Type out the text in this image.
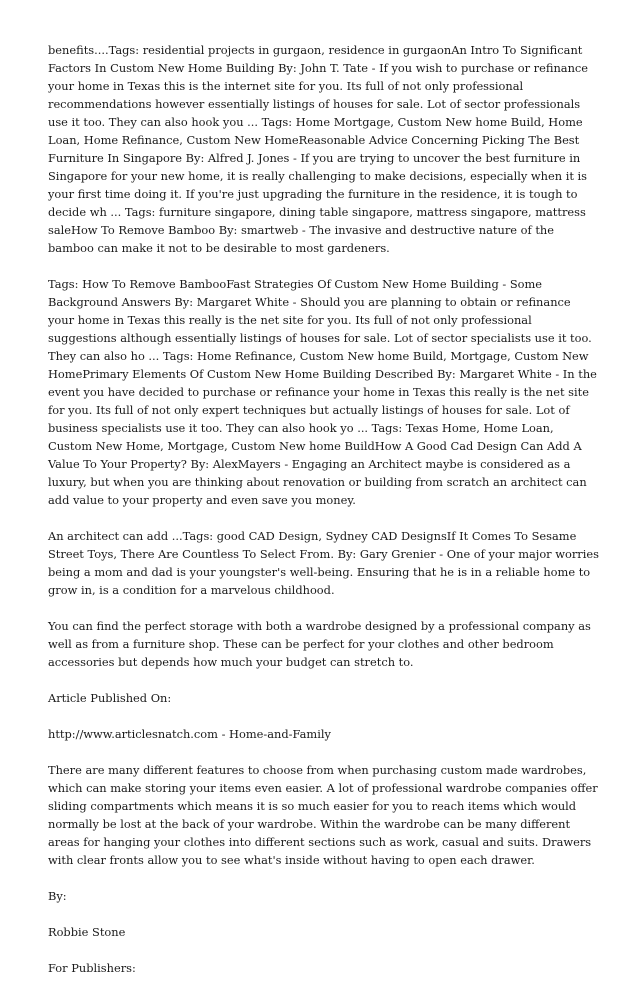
benefits....Tags: residential projects in gurgaon, residence in gurgaonAn Intro To Significant Factors In Custom New Home Building By: John T. Tate - If you wish to purchase or refinance your home in Texas this is the internet site for you. Its full of not only professional recommendations however essentially listings of houses for sale. Lot of sector professionals use it too. They can also hook you ... Tags: Home Mortgage, Custom New home Build, Home Loan, Home Refinance, Custom New HomeReasonable Advice Concerning Picking The Best Furniture In Singapore By: Alfred J. Jones - If you are trying to uncover the best furniture in Singapore for your new home, it is really challenging to make decisions, especially when it is your first time doing it. If you're just upgrading the furniture in the residence, it is tough to decide wh ... Tags: furniture singapore, dining table singapore, mattress singapore, mattress saleHow To Remove Bamboo By: smartweb - The invasive and destructive nature of the bamboo can make it not to be desirable to most gardeners.

Tags: How To Remove BambooFast Strategies Of Custom New Home Building - Some Background Answers By: Margaret White - Should you are planning to obtain or refinance your home in Texas this really is the net site for you. Its full of not only professional suggestions although essentially listings of houses for sale. Lot of sector specialists use it too. They can also ho ... Tags: Home Refinance, Custom New home Build, Mortgage, Custom New HomePrimary Elements Of Custom New Home Building Described By: Margaret White - In the event you have decided to purchase or refinance your home in Texas this really is the net site for you. Its full of not only expert techniques but actually listings of houses for sale. Lot of business specialists use it too. They can also hook yo ... Tags: Texas Home, Home Loan, Custom New Home, Mortgage, Custom New home BuildHow A Good Cad Design Can Add A Value To Your Property? By: AlexMayers - Engaging an Architect maybe is considered as a luxury, but when you are thinking about renovation or building from scratch an architect can add value to your property and even save you money.

An architect can add ...Tags: good CAD Design, Sydney CAD DesignsIf It Comes To Sesame Street Toys, There Are Countless To Select From. By: Gary Grenier - One of your major worries being a mom and dad is your youngster's well-being. Ensuring that he is in a reliable home to grow in, is a condition for a marvelous childhood.

You can find the perfect storage with both a wardrobe designed by a professional company as well as from a furniture shop. These can be perfect for your clothes and other bedroom accessories but depends how much your budget can stretch to.

Article Published On:

http://www.articlesnatch.com - Home-and-Family

There are many different features to choose from when purchasing custom made wardrobes, which can make storing your items even easier. A lot of professional wardrobe companies offer sliding compartments which means it is so much easier for you to reach items which would normally be lost at the back of your wardrobe. Within the wardrobe can be many different areas for hanging your clothes into different sections such as work, casual and suits. Drawers with clear fronts allow you to see what's inside without having to open each drawer.

By:

Robbie Stone

For Publishers:
